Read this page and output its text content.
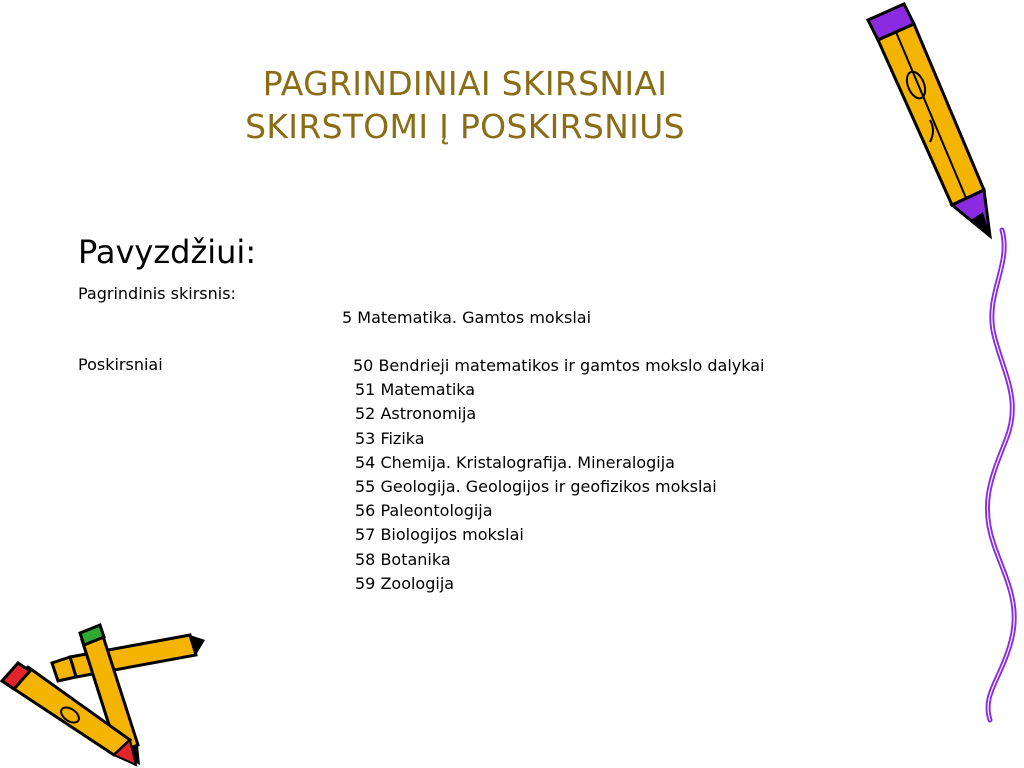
PAGRINDINIAI SKIRSNIAI
SKIRSTOMI Į POSKIRSNIUS
Pavyzdžiui:
Pagrindinis skirsnis:
5 Matematika. Gamtos mokslai
Poskirsniai	50 Bendrieji matematikos ir gamtos mokslo dalykai
51 Matematika
52 Astronomija
53 Fizika
54 Chemija. Kristalografija. Mineralogija
55 Geologija. Geologijos ir geofizikos mokslai
56 Paleontologija
57 Biologijos mokslai
58 Botanika
59 Zoologija
